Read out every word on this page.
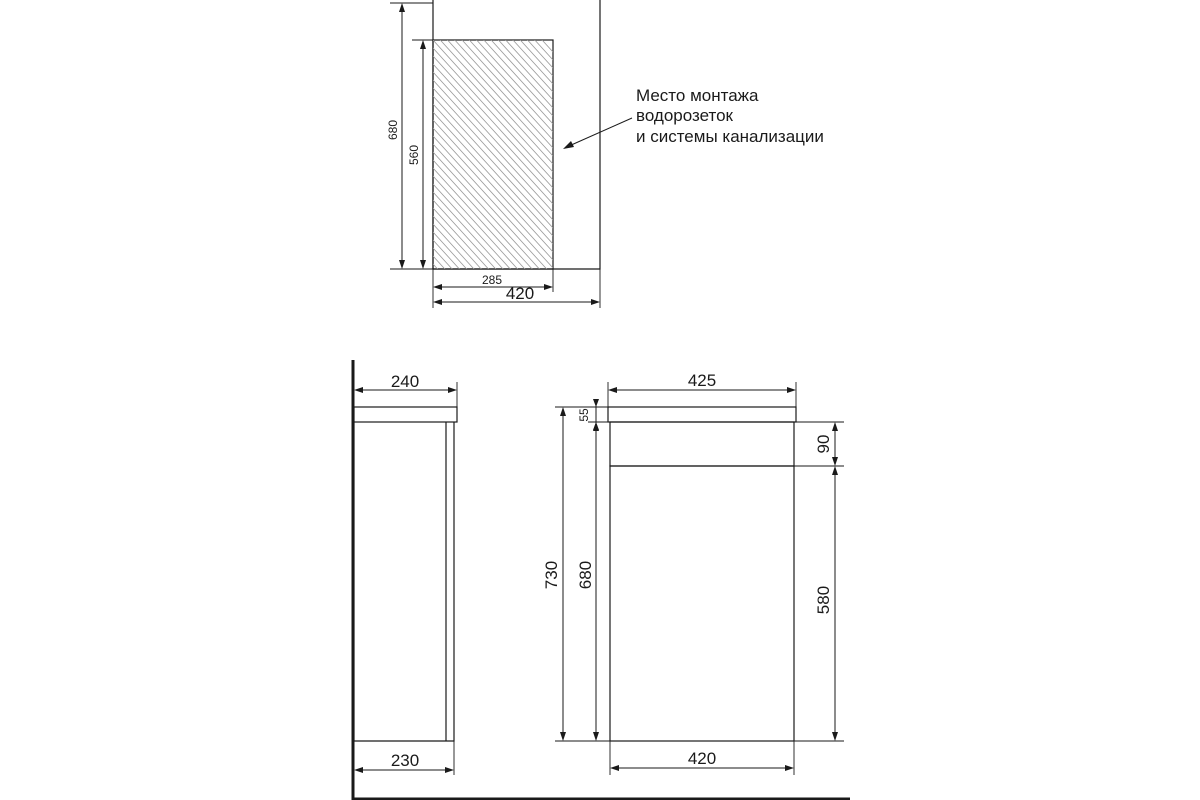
680
560
285
420
Место монтажа
водорозеток
и системы канализации
240
230
425
420
730 680
55
90
580
